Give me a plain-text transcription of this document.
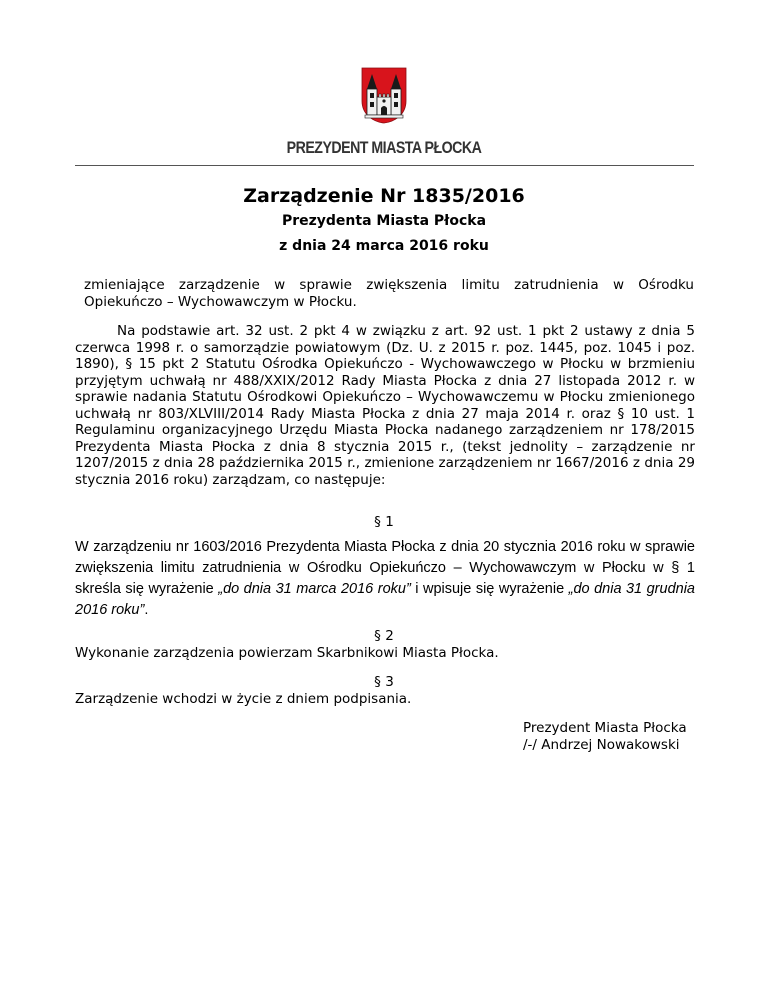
PREZYDENT MIASTA PŁOCKA
Zarządzenie Nr 1835/2016
Prezydenta Miasta Płocka
z dnia 24 marca 2016 roku
zmieniające zarządzenie w sprawie zwiększenia limitu zatrudnienia w Ośrodku Opiekuńczo – Wychowawczym w Płocku.
Na podstawie art. 32 ust. 2 pkt 4 w związku z art. 92 ust. 1 pkt 2 ustawy z dnia 5 czerwca 1998 r. o samorządzie powiatowym (Dz. U. z 2015 r. poz. 1445, poz. 1045 i poz. 1890), § 15 pkt 2 Statutu Ośrodka Opiekuńczo - Wychowawczego w Płocku w brzmieniu przyjętym uchwałą nr 488/XXIX/2012 Rady Miasta Płocka z dnia 27 listopada 2012 r. w sprawie nadania Statutu Ośrodkowi Opiekuńczo – Wychowawczemu w Płocku zmienionego uchwałą nr 803/XLVIII/2014 Rady Miasta Płocka z dnia 27 maja 2014 r. oraz § 10 ust. 1 Regulaminu organizacyjnego Urzędu Miasta Płocka nadanego zarządzeniem nr 178/2015 Prezydenta Miasta Płocka z dnia 8 stycznia 2015 r., (tekst jednolity – zarządzenie nr 1207/2015 z dnia 28 października 2015 r., zmienione zarządzeniem nr 1667/2016 z dnia 29 stycznia 2016 roku) zarządzam, co następuje:
§ 1
W zarządzeniu nr 1603/2016 Prezydenta Miasta Płocka z dnia 20 stycznia 2016 roku w sprawie zwiększenia limitu zatrudnienia w Ośrodku Opiekuńczo – Wychowawczym w Płocku w § 1 skreśla się wyrażenie „do dnia 31 marca 2016 roku” i wpisuje się wyrażenie „do dnia 31 grudnia 2016 roku”.
§ 2
Wykonanie zarządzenia powierzam Skarbnikowi Miasta Płocka.
§ 3
Zarządzenie wchodzi w życie z dniem podpisania.
Prezydent Miasta Płocka
/-/ Andrzej Nowakowski
